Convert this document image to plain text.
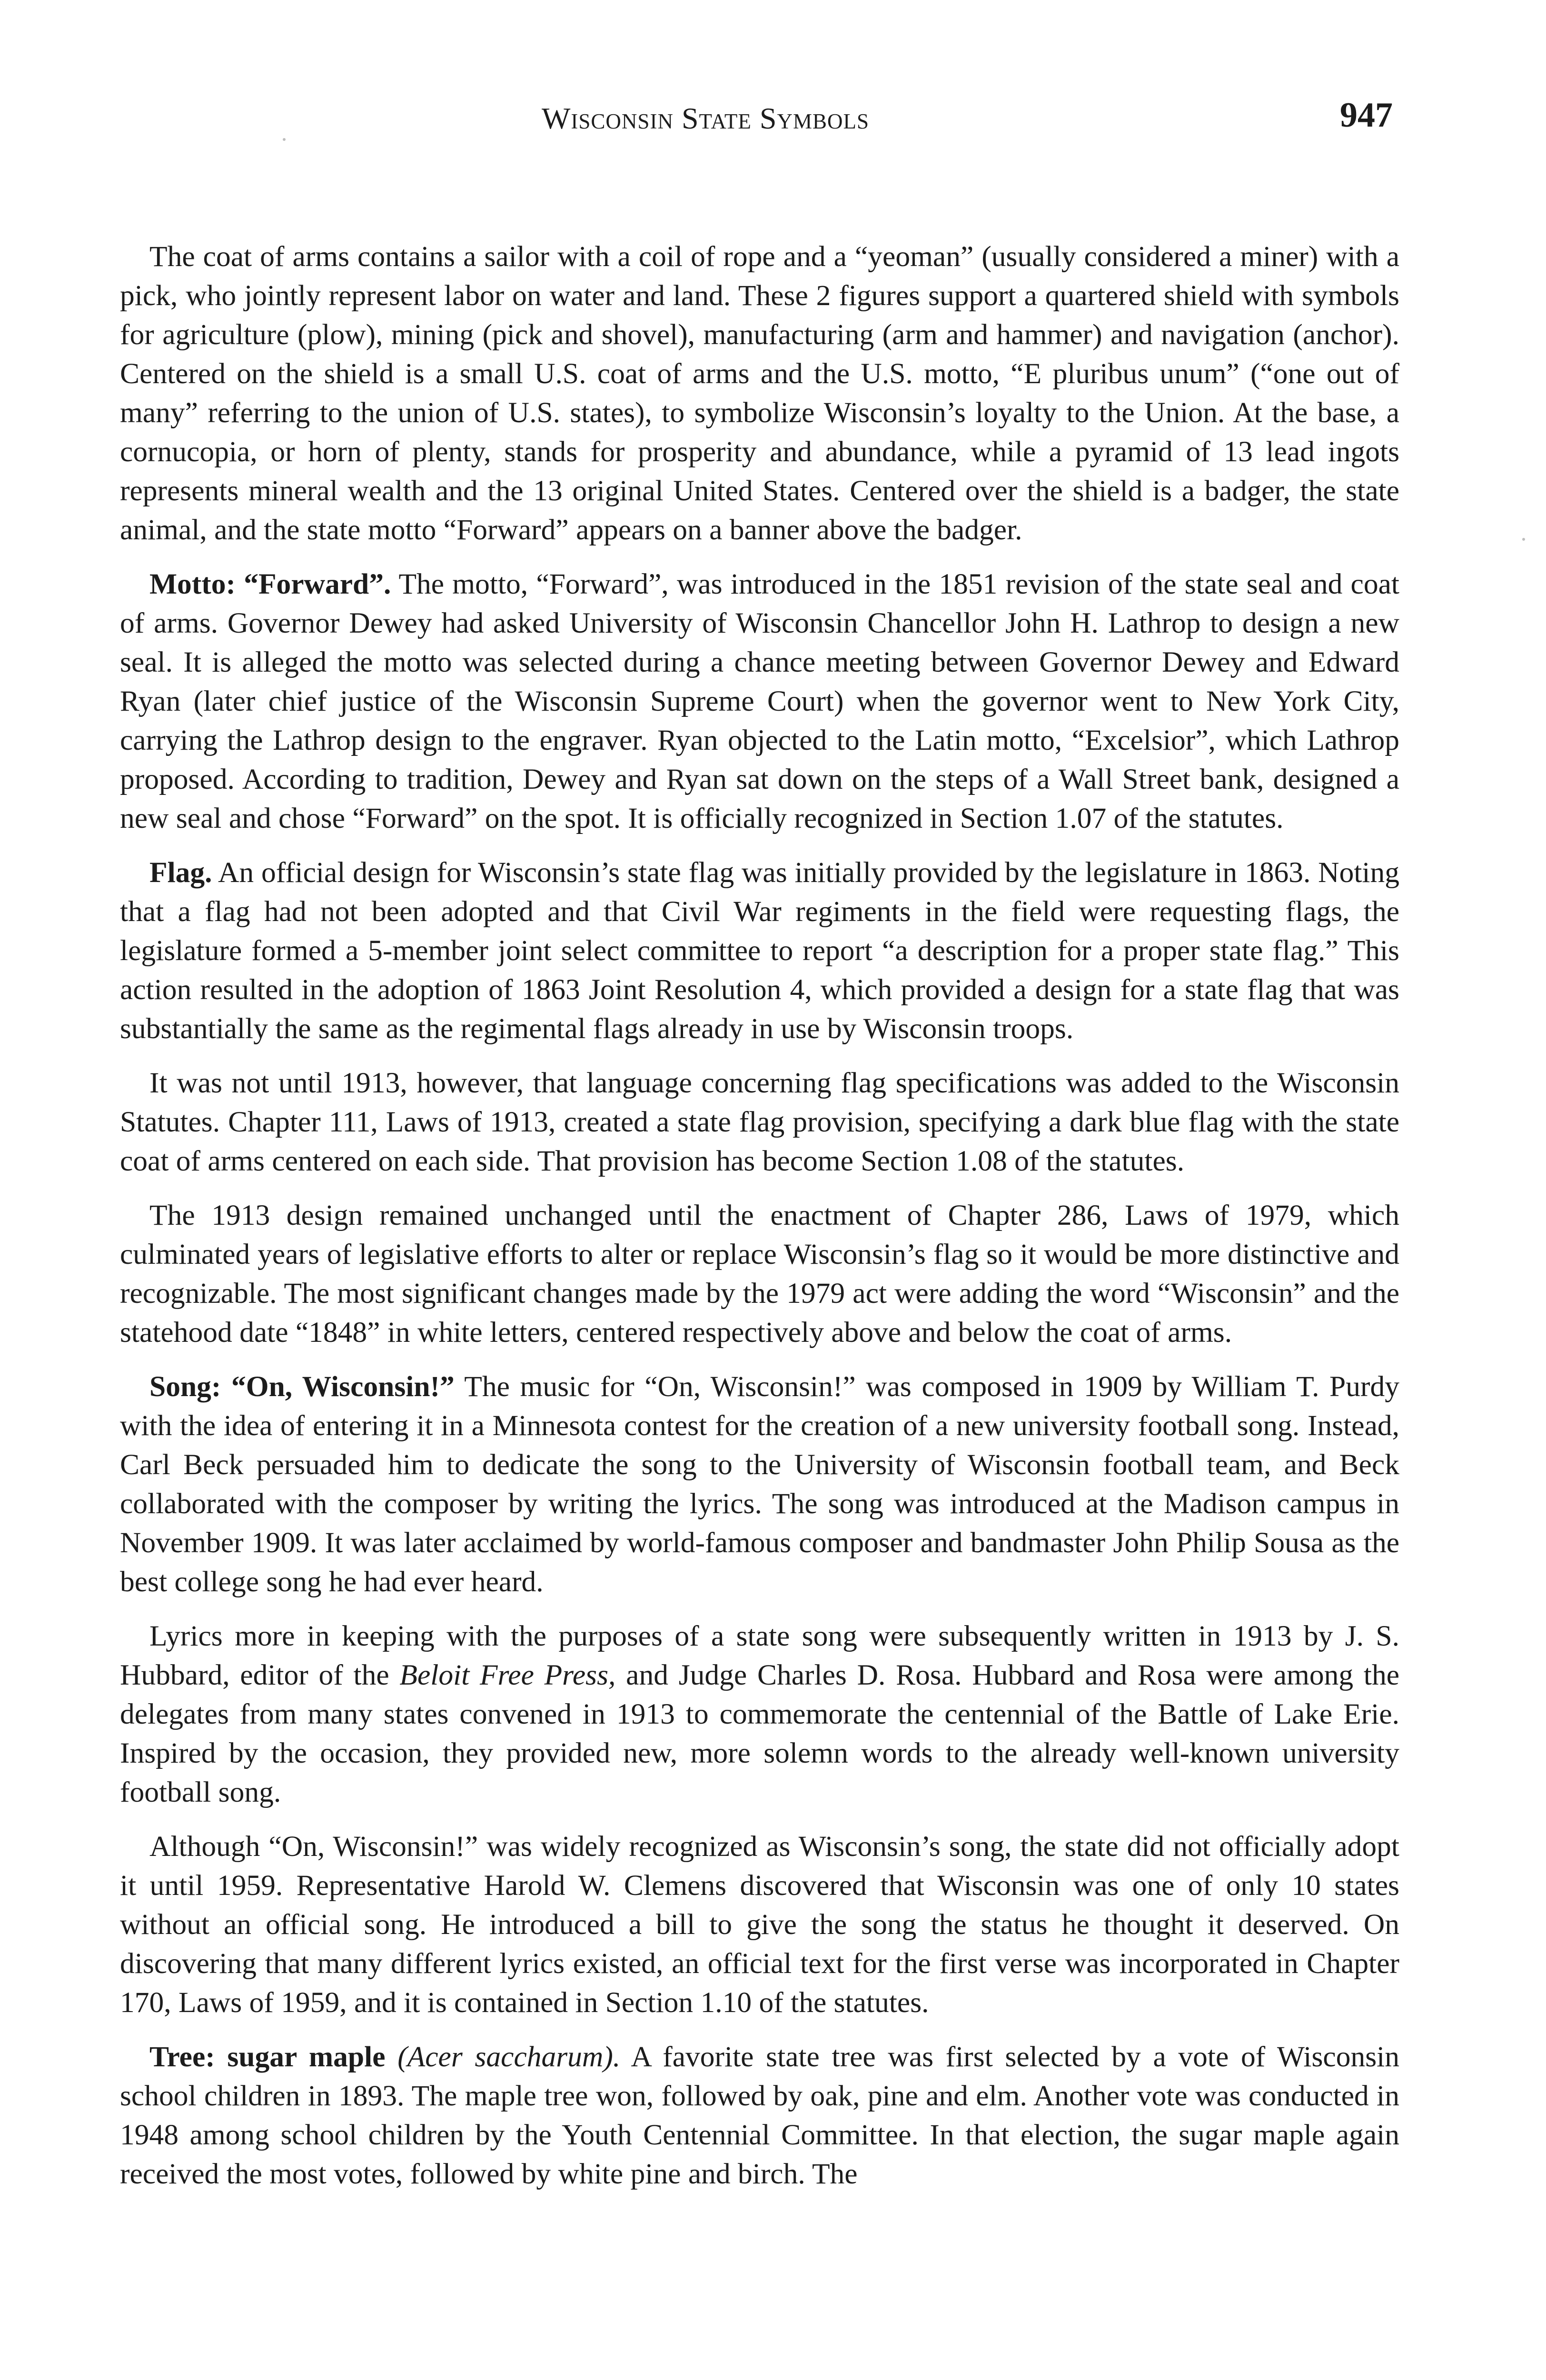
Wisconsin State Symbols	947

The coat of arms contains a sailor with a coil of rope and a “yeoman” (usually considered a miner) with a pick, who jointly represent labor on water and land. These 2 figures support a quartered shield with symbols for agriculture (plow), mining (pick and shovel), manufacturing (arm and hammer) and navigation (anchor). Centered on the shield is a small U.S. coat of arms and the U.S. motto, “E pluribus unum” (“one out of many” referring to the union of U.S. states), to symbolize Wisconsin’s loyalty to the Union. At the base, a cornucopia, or horn of plenty, stands for prosperity and abundance, while a pyramid of 13 lead ingots represents mineral wealth and the 13 original United States. Centered over the shield is a badger, the state animal, and the state motto “Forward” appears on a banner above the badger.

Motto: “Forward”. The motto, “Forward”, was introduced in the 1851 revision of the state seal and coat of arms. Governor Dewey had asked University of Wisconsin Chancellor John H. Lathrop to design a new seal. It is alleged the motto was selected during a chance meeting between Governor Dewey and Edward Ryan (later chief justice of the Wisconsin Supreme Court) when the governor went to New York City, carrying the Lathrop design to the engraver. Ryan objected to the Latin motto, “Excelsior”, which Lathrop proposed. According to tradition, Dewey and Ryan sat down on the steps of a Wall Street bank, designed a new seal and chose “Forward” on the spot. It is officially recognized in Section 1.07 of the statutes.

Flag. An official design for Wisconsin’s state flag was initially provided by the legislature in 1863. Noting that a flag had not been adopted and that Civil War regiments in the field were requesting flags, the legislature formed a 5-member joint select committee to report “a description for a proper state flag.” This action resulted in the adoption of 1863 Joint Resolution 4, which provided a design for a state flag that was substantially the same as the regimental flags already in use by Wisconsin troops.

It was not until 1913, however, that language concerning flag specifications was added to the Wisconsin Statutes. Chapter 111, Laws of 1913, created a state flag provision, specifying a dark blue flag with the state coat of arms centered on each side. That provision has become Section 1.08 of the statutes.

The 1913 design remained unchanged until the enactment of Chapter 286, Laws of 1979, which culminated years of legislative efforts to alter or replace Wisconsin’s flag so it would be more distinctive and recognizable. The most significant changes made by the 1979 act were adding the word “Wisconsin” and the statehood date “1848” in white letters, centered respectively above and below the coat of arms.

Song: “On, Wisconsin!” The music for “On, Wisconsin!” was composed in 1909 by William T. Purdy with the idea of entering it in a Minnesota contest for the creation of a new university football song. Instead, Carl Beck persuaded him to dedicate the song to the University of Wisconsin football team, and Beck collaborated with the composer by writing the lyrics. The song was introduced at the Madison campus in November 1909. It was later acclaimed by world-famous composer and bandmaster John Philip Sousa as the best college song he had ever heard.

Lyrics more in keeping with the purposes of a state song were subsequently written in 1913 by J. S. Hubbard, editor of the Beloit Free Press, and Judge Charles D. Rosa. Hubbard and Rosa were among the delegates from many states convened in 1913 to commemorate the centennial of the Battle of Lake Erie. Inspired by the occasion, they provided new, more solemn words to the already well-known university football song.

Although “On, Wisconsin!” was widely recognized as Wisconsin’s song, the state did not officially adopt it until 1959. Representative Harold W. Clemens discovered that Wisconsin was one of only 10 states without an official song. He introduced a bill to give the song the status he thought it deserved. On discovering that many different lyrics existed, an official text for the first verse was incorporated in Chapter 170, Laws of 1959, and it is contained in Section 1.10 of the statutes.

Tree: sugar maple (Acer saccharum). A favorite state tree was first selected by a vote of Wisconsin school children in 1893. The maple tree won, followed by oak, pine and elm. Another vote was conducted in 1948 among school children by the Youth Centennial Committee. In that election, the sugar maple again received the most votes, followed by white pine and birch. The
